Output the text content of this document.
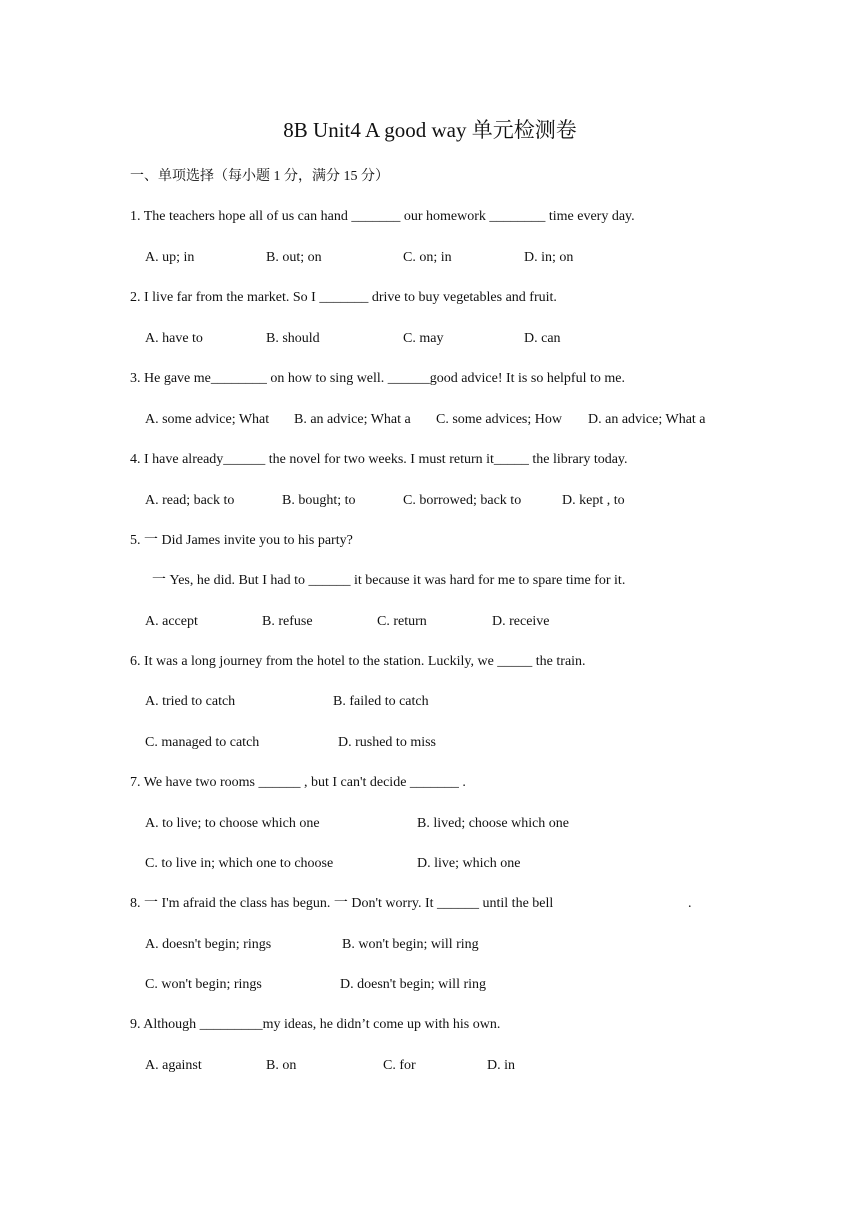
8B Unit4 A good way 单元检测卷
一、单项选择（每小题 1 分，满分 15 分）
1. The teachers hope all of us can hand _______ our homework ________ time every day.
A. up; in	B. out; on	C. on; in	D. in; on
2. I live far from the market. So I _______ drive to buy vegetables and fruit.
A. have to	B. should	C. may	D. can
3. He gave me________ on how to sing well. ______good advice! It is so helpful to me.
A. some advice; What B. an advice; What a C. some advices; How D. an advice; What a
4. I have already______ the novel for two weeks. I must return it_____ the library today.
A. read; back to	B. bought; to	C. borrowed; back to	D. kept , to
5. 一 Did James invite you to his party?
一 Yes, he did. But I had to ______ it because it was hard for me to spare time for it.
A. accept	B. refuse	C. return	D. receive
6. It was a long journey from the hotel to the station. Luckily, we _____ the train.
A. tried to catch	B. failed to catch
C. managed to catch	D. rushed to miss
7. We have two rooms ______ , but I can't decide _______ .
A. to live; to choose which one	B. lived; choose which one
C. to live in; which one to choose	D. live; which one
8. 一 I'm afraid the class has begun. 一 Don't worry. It ______ until the bell	.
A. doesn't begin; rings	B. won't begin; will ring
C. won't begin; rings	D. doesn't begin; will ring
9. Although _________my ideas, he didn’t come up with his own.
A. against	B. on	C. for	D. in
